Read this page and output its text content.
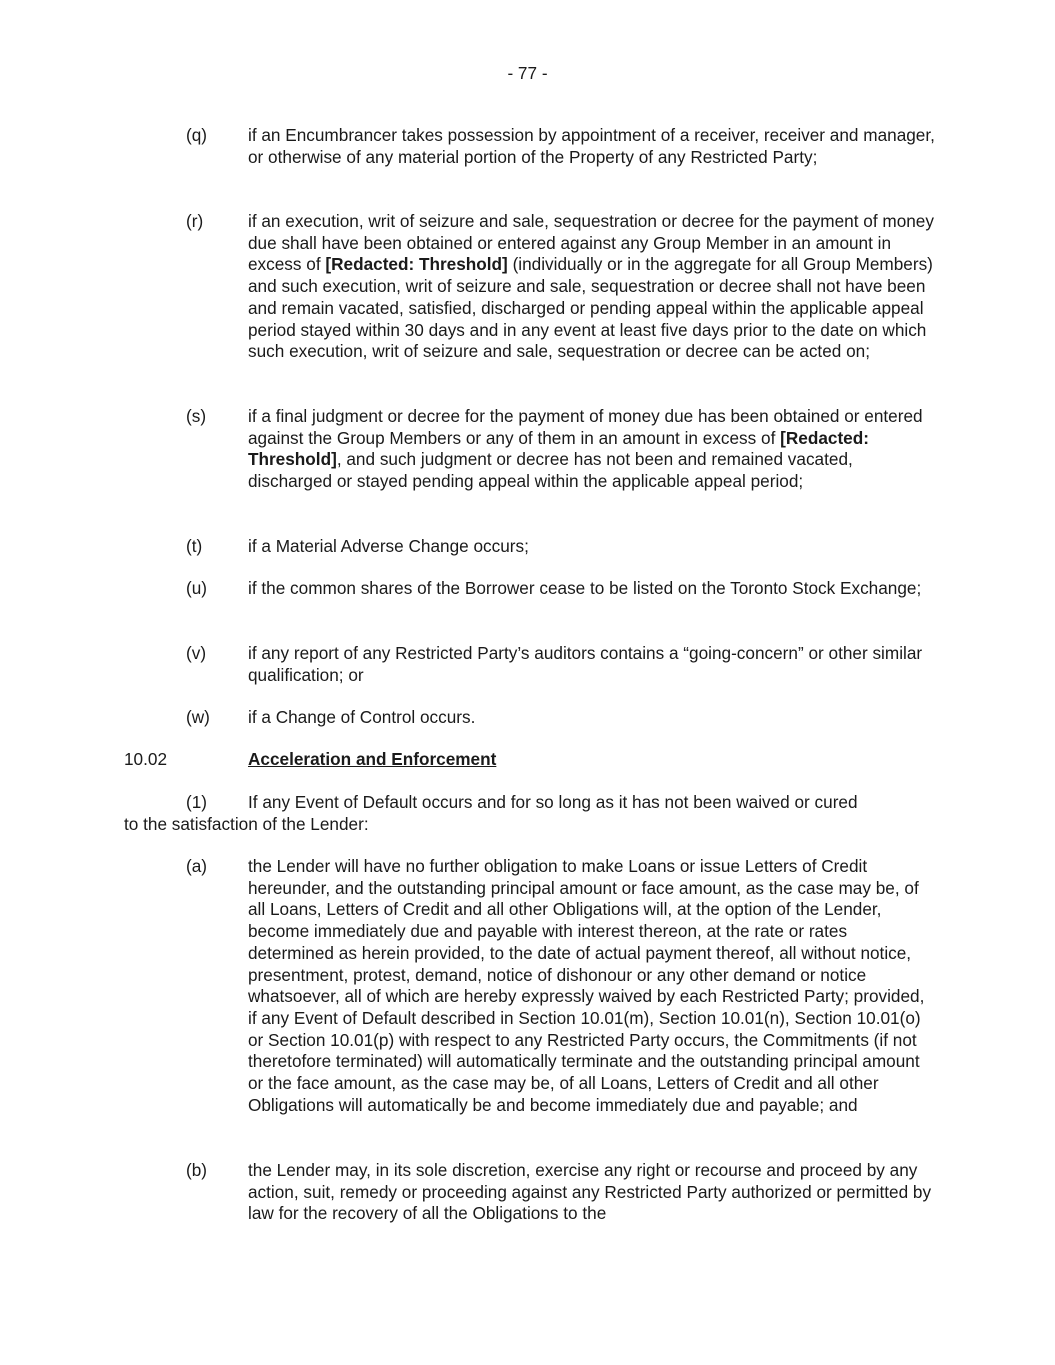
- 77 -
(q) if an Encumbrancer takes possession by appointment of a receiver, receiver and manager, or otherwise of any material portion of the Property of any Restricted Party;
(r)	if an execution, writ of seizure and sale, sequestration or decree for the payment of money due shall have been obtained or entered against any Group Member in an amount in excess of [Redacted: Threshold] (individually or in the aggregate for all Group Members) and such execution, writ of seizure and sale, sequestration or decree shall not have been and remain vacated, satisfied, discharged or pending appeal within the applicable appeal period stayed within 30 days and in any event at least five days prior to the date on which such execution, writ of seizure and sale, sequestration or decree can be acted on;
(s) if a final judgment or decree for the payment of money due has been obtained or entered against the Group Members or any of them in an amount in excess of [Redacted: Threshold], and such judgment or decree has not been and remained vacated, discharged or stayed pending appeal within the applicable appeal period;
(t)	if a Material Adverse Change occurs;
(u) if the common shares of the Borrower cease to be listed on the Toronto Stock Exchange;
(v) if any report of any Restricted Party’s auditors contains a “going-concern” or other similar qualification; or
(w) if a Change of Control occurs.
10.02	Acceleration and Enforcement
(1)	If any Event of Default occurs and for so long as it has not been waived or cured
to the satisfaction of the Lender:

(a) the Lender will have no further obligation to make Loans or issue Letters of Credit hereunder, and the outstanding principal amount or face amount, as the case may be, of all Loans, Letters of Credit and all other Obligations will, at the option of the Lender, become immediately due and payable with interest thereon, at the rate or rates determined as herein provided, to the date of actual payment thereof, all without notice, presentment, protest, demand, notice of dishonour or any other demand or notice whatsoever, all of which are hereby expressly waived by each Restricted Party; provided, if any Event of Default described in Section 10.01(m), Section 10.01(n), Section 10.01(o) or Section 10.01(p) with respect to any Restricted Party occurs, the Commitments (if not theretofore terminated) will automatically terminate and the outstanding principal amount or the face amount, as the case may be, of all Loans, Letters of Credit and all other Obligations will automatically be and become immediately due and payable; and
(b) the Lender may, in its sole discretion, exercise any right or recourse and proceed by any action, suit, remedy or proceeding against any Restricted Party authorized or permitted by law for the recovery of all the Obligations to the
